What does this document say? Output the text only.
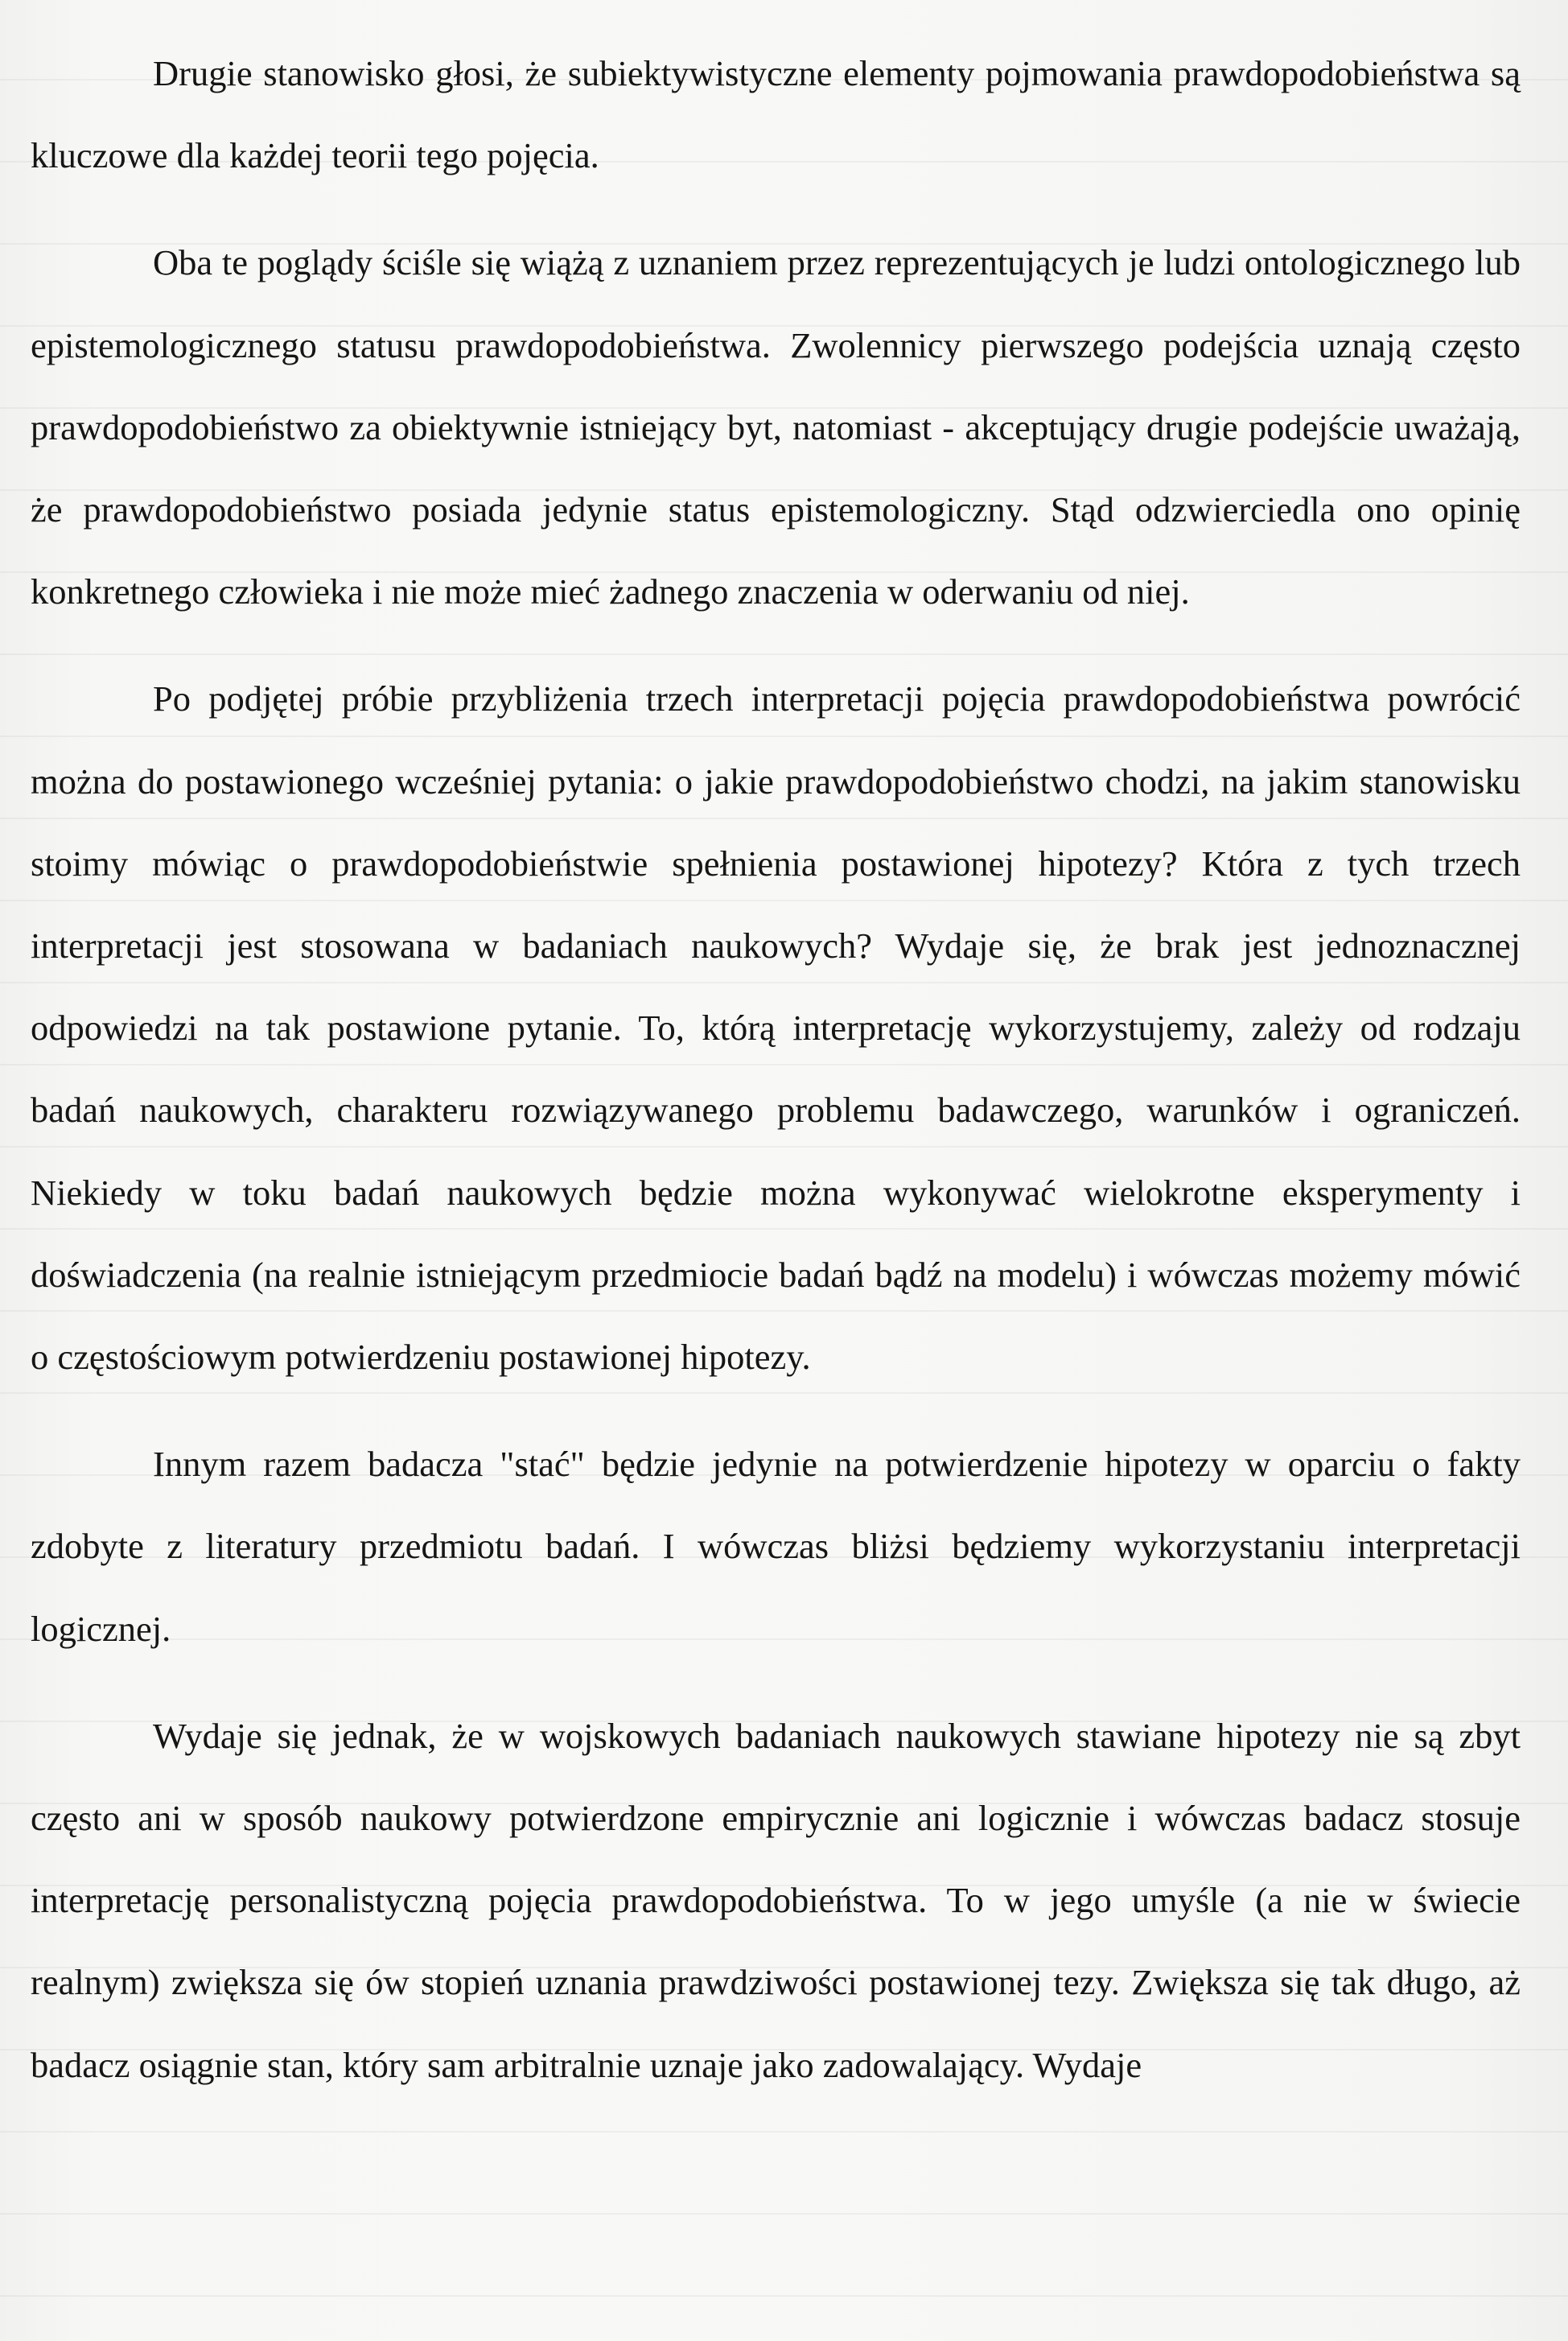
Drugie stanowisko głosi, że subiektywistyczne elementy pojmowania prawdopodobieństwa są kluczowe dla każdej teorii tego pojęcia.

Oba te poglądy ściśle się wiążą z uznaniem przez reprezentujących je ludzi ontologicznego lub epistemologicznego statusu prawdopodobieństwa. Zwolennicy pierwszego podejścia uznają często prawdopodobieństwo za obiektywnie istniejący byt, natomiast - akceptujący drugie podejście uważają, że prawdopodobieństwo posiada jedynie status epistemologiczny. Stąd odzwierciedla ono opinię konkretnego człowieka i nie może mieć żadnego znaczenia w oderwaniu od niej.

Po podjętej próbie przybliżenia trzech interpretacji pojęcia prawdopodobieństwa powrócić można do postawionego wcześniej pytania: o jakie prawdopodobieństwo chodzi, na jakim stanowisku stoimy mówiąc o prawdopodobieństwie spełnienia postawionej hipotezy? Która z tych trzech interpretacji jest stosowana w badaniach naukowych? Wydaje się, że brak jest jednoznacznej odpowiedzi na tak postawione pytanie. To, którą interpretację wykorzystujemy, zależy od rodzaju badań naukowych, charakteru rozwiązywanego problemu badawczego, warunków i ograniczeń. Niekiedy w toku badań naukowych będzie można wykonywać wielokrotne eksperymenty i doświadczenia (na realnie istniejącym przedmiocie badań bądź na modelu) i wówczas możemy mówić o częstościowym potwierdzeniu postawionej hipotezy.

Innym razem badacza "stać" będzie jedynie na potwierdzenie hipotezy w oparciu o fakty zdobyte z literatury przedmiotu badań. I wówczas bliżsi będziemy wykorzystaniu interpretacji logicznej.

Wydaje się jednak, że w wojskowych badaniach naukowych stawiane hipotezy nie są zbyt często ani w sposób naukowy potwierdzone empirycznie ani logicznie i wówczas badacz stosuje interpretację personalistyczną pojęcia prawdopodobieństwa. To w jego umyśle (a nie w świecie realnym) zwiększa się ów stopień uznania prawdziwości postawionej tezy. Zwiększa się tak długo, aż badacz osiągnie stan, który sam arbitralnie uznaje jako zadowalający. Wydaje
